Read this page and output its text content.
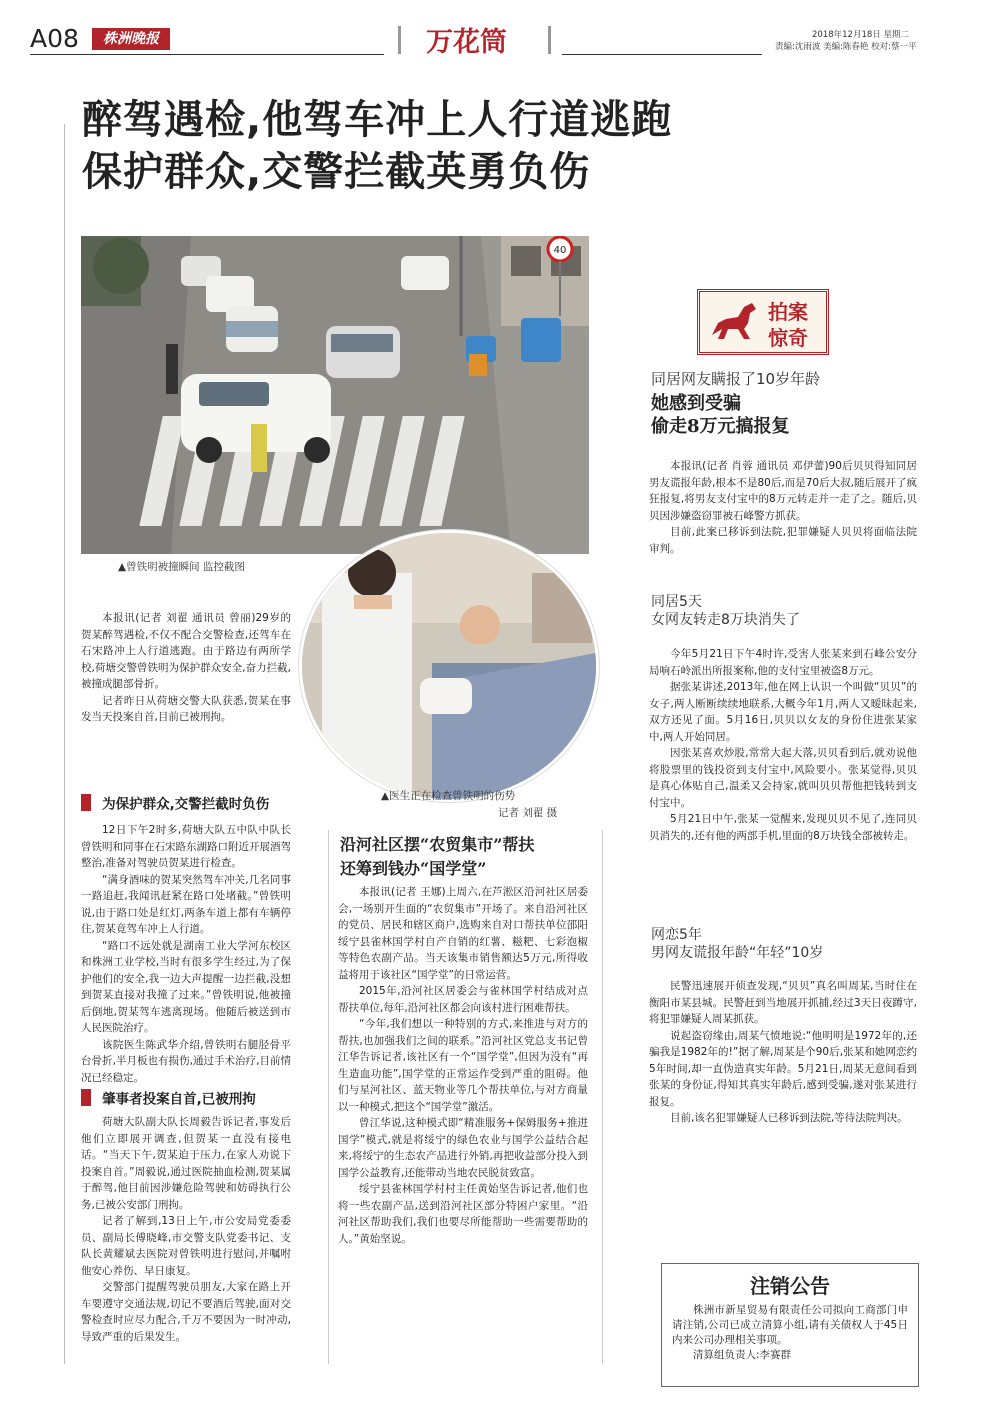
A08	株洲晚报	万花筒	2018年12月18日 星期二
责编:沈雨波 美编:陈春艳 校对:蔡一平
醉驾遇检,他驾车冲上人行道逃跑
保护群众,交警拦截英勇负伤
40
▲曾铁明被撞瞬间 监控截图
▲医生正在检查曾铁明的伤势
记者 刘翟 摄

本报讯(记者 刘翟 通讯员 曾丽)29岁的贺某醉驾遇检,不仅不配合交警检查,还驾车在石宋路冲上人行道逃跑。由于路边有两所学校,荷塘交警曾铁明为保护群众安全,奋力拦截,被撞成腿部骨折。
记者昨日从荷塘交警大队获悉,贺某在事发当天投案自首,目前已被刑拘。

为保护群众,交警拦截时负伤

12日下午2时多,荷塘大队五中队中队长曾铁明和同事在石宋路东湖路口附近开展酒驾整治,准备对驾驶员贺某进行检查。
“满身酒味的贺某突然驾车冲关,几名同事一路追赶,我闻讯赶紧在路口处堵截。”曾铁明说,由于路口处是红灯,两条车道上都有车辆停住,贺某竟驾车冲上人行道。
“路口不远处就是湖南工业大学河东校区和株洲工业学校,当时有很多学生经过,为了保护他们的安全,我一边大声提醒一边拦截,没想到贺某直接对我撞了过来。”曾铁明说,他被撞后倒地,贺某驾车逃离现场。他随后被送到市人民医院治疗。
该院医生陈武华介绍,曾铁明右腿胫骨平台骨折,半月板也有损伤,通过手术治疗,目前情况已经稳定。

肇事者投案自首,已被刑拘

荷塘大队副大队长周毅告诉记者,事发后他们立即展开调查,但贺某一直没有接电话。“当天下午,贺某迫于压力,在家人劝说下投案自首。”周毅说,通过医院抽血检测,贺某属于醉驾,他目前因涉嫌危险驾驶和妨碍执行公务,已被公安部门刑拘。
记者了解到,13日上午,市公安局党委委员、副局长傅晓峰,市交警支队党委书记、支队长黄耀斌去医院对曾铁明进行慰问,并嘱咐他安心养伤、早日康复。
交警部门提醒驾驶员朋友,大家在路上开车要遵守交通法规,切记不要酒后驾驶,面对交警检查时应尽力配合,千万不要因为一时冲动,导致严重的后果发生。

沿河社区摆“农贸集市”帮扶
还筹到钱办“国学堂”

本报讯(记者 王娜)上周六,在芦淞区沿河社区居委会,一场别开生面的“农贸集市”开场了。来自沿河社区的党员、居民和辖区商户,选购来自对口帮扶单位邵阳绥宁县雀林国学村自产自销的红薯、糍粑、七彩泡椒等特色农副产品。当天该集市销售额达5万元,所得收益将用于该社区“国学堂”的日常运营。
2015年,沿河社区居委会与雀林国学村结成对点帮扶单位,每年,沿河社区都会向该村进行困难帮扶。
“今年,我们想以一种特别的方式,来推进与对方的帮扶,也加强我们之间的联系。”沿河社区党总支书记曾江华告诉记者,该社区有一个“国学堂”,但因为没有“再生造血功能”,国学堂的正常运作受到严重的阻碍。他们与星河社区、蓝天物业等几个帮扶单位,与对方商量以一种模式,把这个“国学堂”激活。
曾江华说,这种模式即“精准服务+保姆服务+推进国学”模式,就是将绥宁的绿色农业与国学公益结合起来,将绥宁的生态农产品进行外销,再把收益部分投入到国学公益教育,还能带动当地农民脱贫致富。
绥宁县雀林国学村村主任黄始坚告诉记者,他们也将一些农副产品,送到沿河社区部分特困户家里。“沿河社区帮助我们,我们也要尽所能帮助一些需要帮助的人。”黄始坚说。

拍案
惊奇
同居网友瞒报了10岁年龄
她感到受骗
偷走8万元搞报复

本报讯(记者 肖蓉 通讯员 邓伊蕾)90后贝贝得知同居男友谎报年龄,根本不是80后,而是70后大叔,随后展开了疯狂报复,将男友支付宝中的8万元转走并一走了之。随后,贝贝因涉嫌盗窃罪被石峰警方抓获。
目前,此案已移诉到法院,犯罪嫌疑人贝贝将面临法院审判。

同居5天
女网友转走8万块消失了

今年5月21日下午4时许,受害人张某来到石峰公安分局响石岭派出所报案称,他的支付宝里被盗8万元。
据张某讲述,2013年,他在网上认识一个叫做“贝贝”的女子,两人断断续续地联系,大概今年1月,两人又暧昧起来,双方还见了面。5月16日,贝贝以女友的身份住进张某家中,两人开始同居。
因张某喜欢炒股,常常大起大落,贝贝看到后,就劝说他将股票里的钱投资到支付宝中,风险要小。张某觉得,贝贝是真心体贴自己,温柔又会持家,就叫贝贝帮他把钱转到支付宝中。
5月21日中午,张某一觉醒来,发现贝贝不见了,连同贝贝消失的,还有他的两部手机,里面的8万块钱全部被转走。

网恋5年
男网友谎报年龄“年轻”10岁

民警迅速展开侦查发现,“贝贝”真名叫周某,当时住在衡阳市某县城。民警赶到当地展开抓捕,经过3天日夜蹲守,将犯罪嫌疑人周某抓获。
说起盗窃缘由,周某气愤地说:“他明明是1972年的,还骗我是1982年的!”据了解,周某是个90后,张某和她网恋约5年时间,却一直伪造真实年龄。5月21日,周某无意间看到张某的身份证,得知其真实年龄后,感到受骗,遂对张某进行报复。
目前,该名犯罪嫌疑人已移诉到法院,等待法院判决。

注销公告
株洲市新星贸易有限责任公司拟向工商部门申请注销,公司已成立清算小组,请有关债权人于45日内来公司办理相关事项。
清算组负责人:李赛群
